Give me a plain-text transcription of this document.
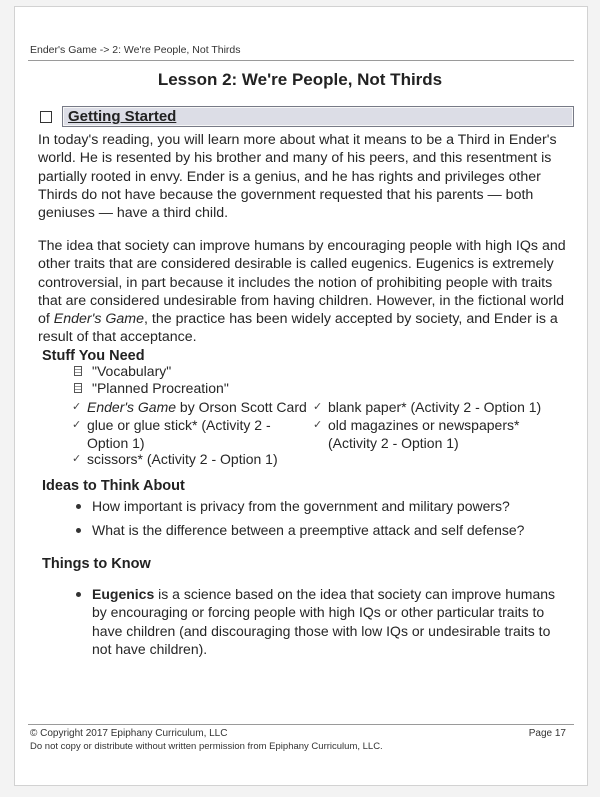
Ender's Game -> 2: We're People, Not Thirds
Lesson 2: We're People, Not Thirds
Getting Started
In today's reading, you will learn more about what it means to be a Third in Ender's world. He is resented by his brother and many of his peers, and this resentment is partially rooted in envy. Ender is a genius, and he has rights and privileges other Thirds do not have because the government requested that his parents — both geniuses — have a third child.
The idea that society can improve humans by encouraging people with high IQs and other traits that are considered desirable is called eugenics. Eugenics is extremely controversial, in part because it includes the notion of prohibiting people with traits that are considered undesirable from having children. However, in the fictional world of Ender's Game, the practice has been widely accepted by society, and Ender is a result of that acceptance.
Stuff You Need
"Vocabulary"
"Planned Procreation"
✓ Ender's Game by Orson Scott Card
✓ glue or glue stick* (Activity 2 - Option 1)
✓ scissors* (Activity 2 - Option 1)
✓ blank paper* (Activity 2 - Option 1)
✓ old magazines or newspapers* (Activity 2 - Option 1)
Ideas to Think About
How important is privacy from the government and military powers?
What is the difference between a preemptive attack and self defense?
Things to Know
Eugenics is a science based on the idea that society can improve humans by encouraging or forcing people with high IQs or other particular traits to have children (and discouraging those with low IQs or undesirable traits to not have children).
© Copyright 2017 Epiphany Curriculum, LLC	Page 17
Do not copy or distribute without written permission from Epiphany Curriculum, LLC.
